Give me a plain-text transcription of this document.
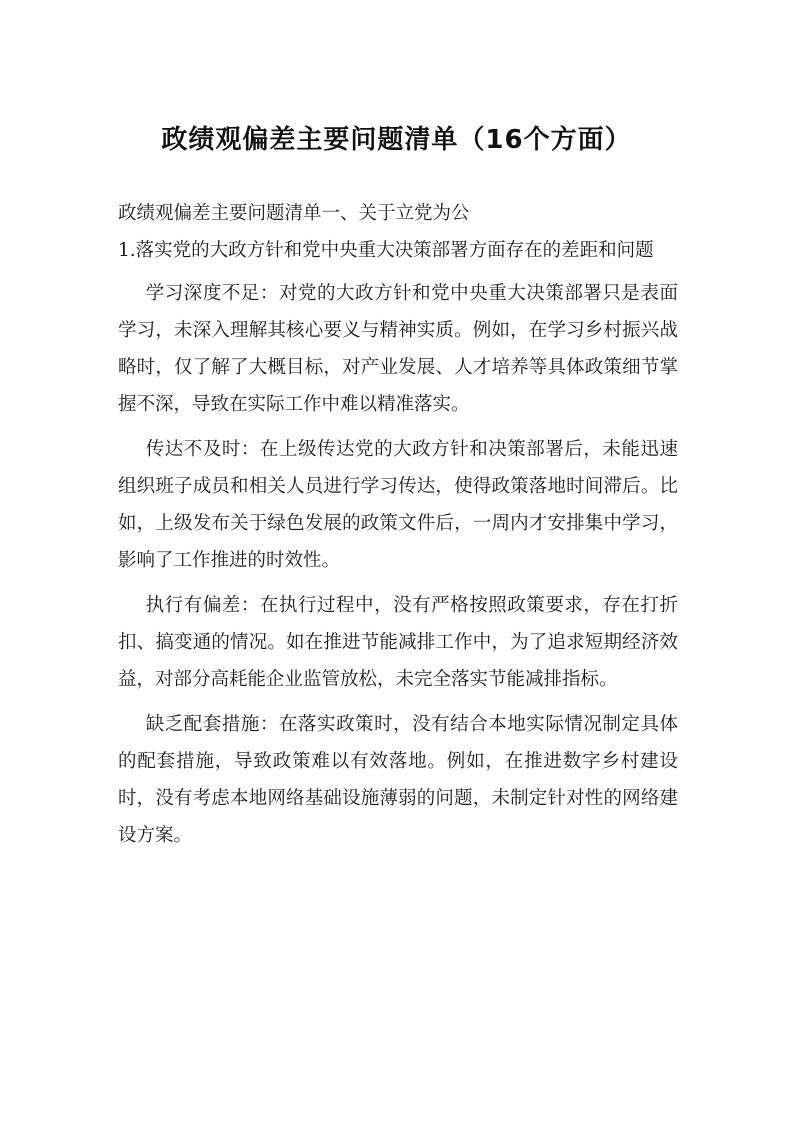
政绩观偏差主要问题清单（16个方面）

政绩观偏差主要问题清单一、关于立党为公

1.落实党的大政方针和党中央重大决策部署方面存在的差距和问题

学习深度不足：对党的大政方针和党中央重大决策部署只是表面学习，未深入理解其核心要义与精神实质。例如，在学习乡村振兴战略时，仅了解了大概目标，对产业发展、人才培养等具体政策细节掌握不深，导致在实际工作中难以精准落实。

传达不及时：在上级传达党的大政方针和决策部署后，未能迅速组织班子成员和相关人员进行学习传达，使得政策落地时间滞后。比如，上级发布关于绿色发展的政策文件后，一周内才安排集中学习，影响了工作推进的时效性。

执行有偏差：在执行过程中，没有严格按照政策要求，存在打折扣、搞变通的情况。如在推进节能减排工作中，为了追求短期经济效益，对部分高耗能企业监管放松，未完全落实节能减排指标。

缺乏配套措施：在落实政策时，没有结合本地实际情况制定具体的配套措施，导致政策难以有效落地。例如，在推进数字乡村建设时，没有考虑本地网络基础设施薄弱的问题，未制定针对性的网络建设方案。
